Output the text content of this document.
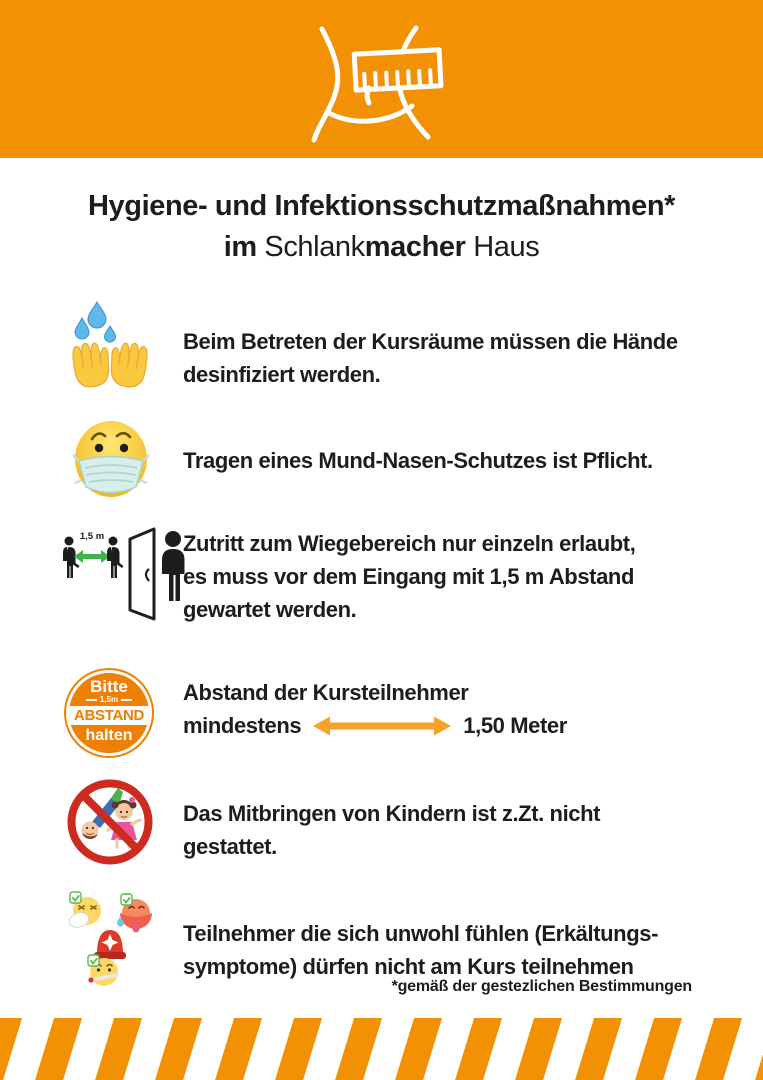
Hygiene- und Infektionsschutzmaßnahmen*
im Schlankmacher Haus
Beim Betreten der Kursräume müssen die Hände
desinfiziert werden.
Tragen eines Mund-Nasen-Schutzes ist Pflicht.
1,5 m	Zutritt zum Wiegebereich nur einzeln erlaubt,
es muss vor dem Eingang mit 1,5 m Abstand
gewartet werden.
Bitte
1,5m
ABSTAND
halten
Abstand der Kursteilnehmer
mindestens	1,50 Meter
Das Mitbringen von Kindern ist z.Zt. nicht
gestattet.
Teilnehmer die sich unwohl fühlen (Erkältungs-
symptome) dürfen nicht am Kurs teilnehmen
*gemäß der gestezlichen Bestimmungen
